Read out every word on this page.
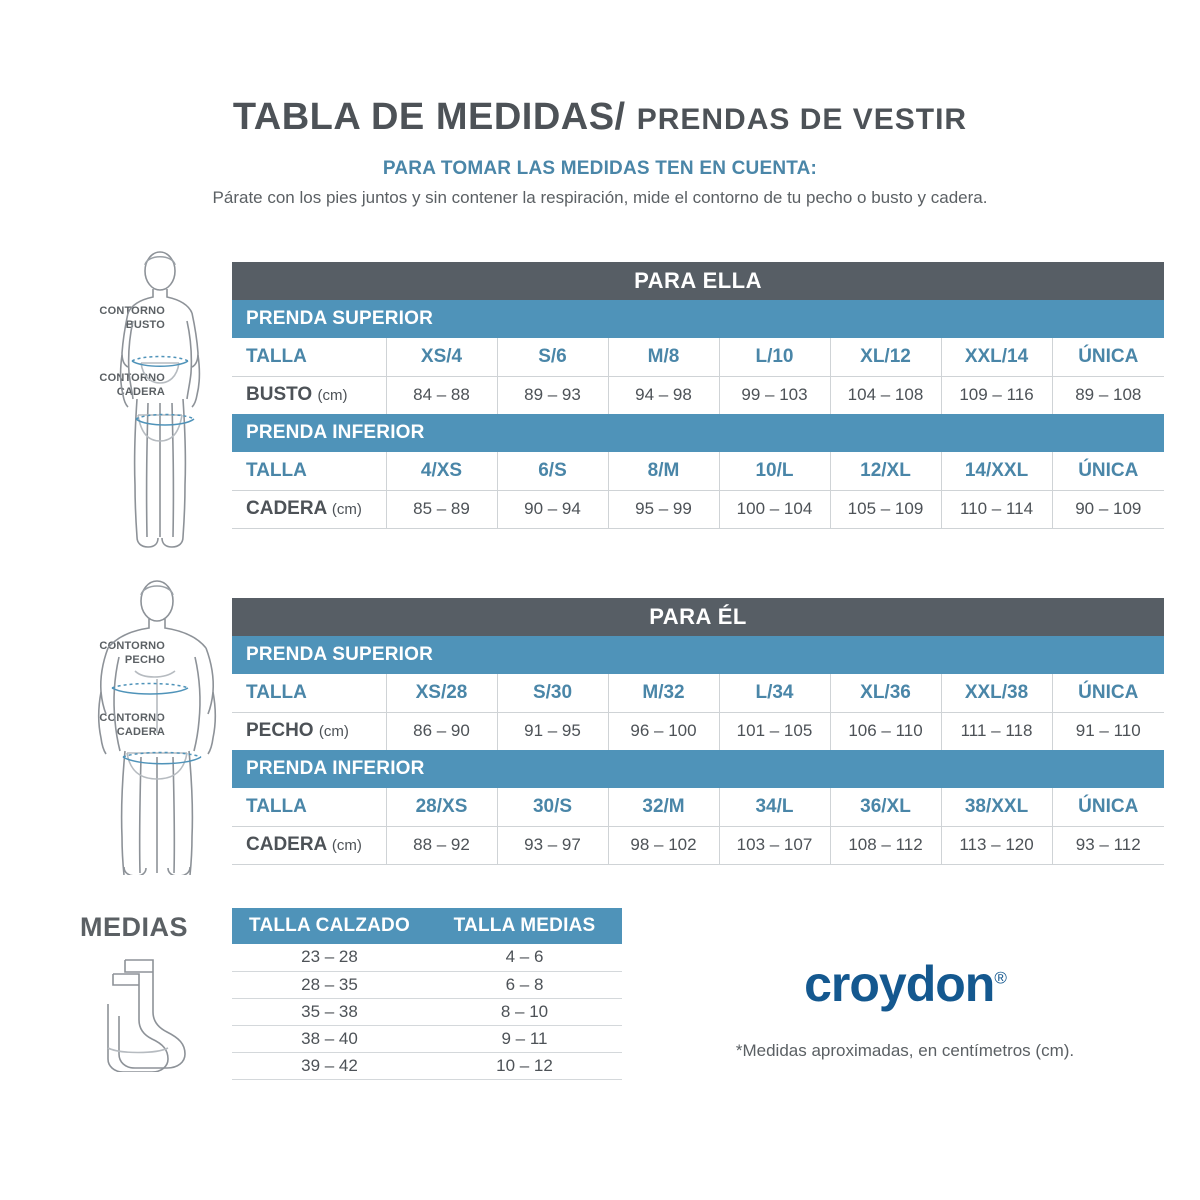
TABLA DE MEDIDAS/ PRENDAS DE VESTIR
PARA TOMAR LAS MEDIDAS TEN EN CUENTA:
Párate con los pies juntos y sin contener la respiración, mide el contorno de tu pecho o busto y cadera.
CONTORNO
BUSTO
CONTORNO
CADERA
PARA ELLA							
PRENDA SUPERIOR							
TALLA	XS/4	S/6	M/8	L/10	XL/12	XXL/14	ÚNICA
BUSTO (cm)	84 – 88	89 – 93	94 – 98	99 – 103	104 – 108	109 – 116	89 – 108
PRENDA INFERIOR							
TALLA	4/XS	6/S	8/M	10/L	12/XL	14/XXL	ÚNICA
CADERA (cm)	85 – 89	90 – 94	95 – 99	100 – 104	105 – 109	110 – 114	90 – 109
CONTORNO
PECHO
CONTORNO
CADERA
PARA ÉL							
PRENDA SUPERIOR							
TALLA	XS/28	S/30	M/32	L/34	XL/36	XXL/38	ÚNICA
PECHO (cm)	86 – 90	91 – 95	96 – 100	101 – 105	106 – 110	111 – 118	91 – 110
PRENDA INFERIOR							
TALLA	28/XS	30/S	32/M	34/L	36/XL	38/XXL	ÚNICA
CADERA (cm)	88 – 92	93 – 97	98 – 102	103 – 107	108 – 112	113 – 120	93 – 112
MEDIAS	TALLA CALZADO	TALLA MEDIAS
23 – 28	4 – 6
28 – 35	6 – 8
35 – 38	8 – 10
38 – 40	9 – 11
39 – 42	10 – 12
croydon®
*Medidas aproximadas, en centímetros (cm).
